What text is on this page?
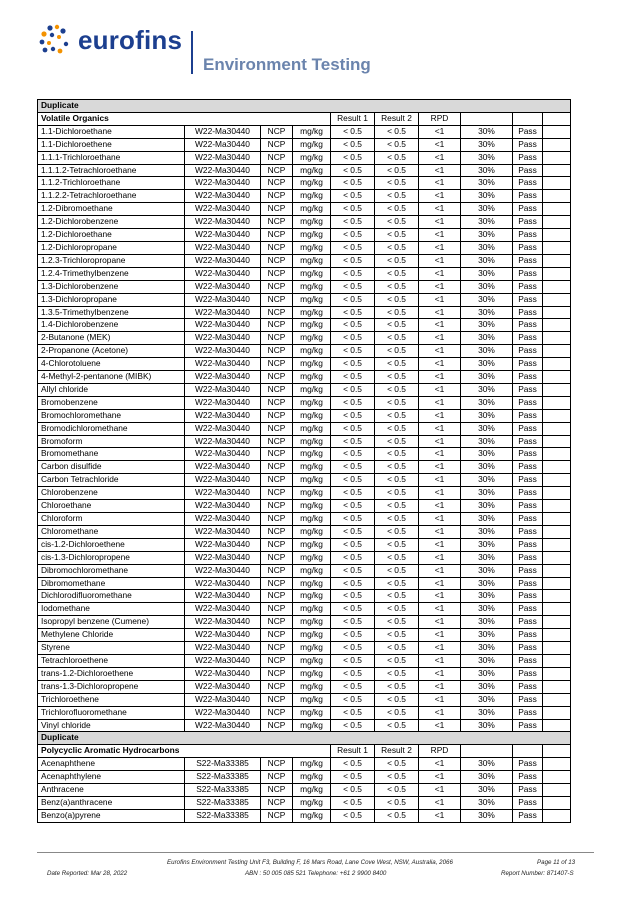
eurofins
Environment Testing
Duplicate									
Volatile Organics				Result 1	Result 2	RPD			
1.1-Dichloroethane	W22-Ma30440	NCP	mg/kg	< 0.5	< 0.5	<1	30%	Pass	
1.1-Dichloroethene	W22-Ma30440	NCP	mg/kg	< 0.5	< 0.5	<1	30%	Pass	
1.1.1-Trichloroethane	W22-Ma30440	NCP	mg/kg	< 0.5	< 0.5	<1	30%	Pass	
1.1.1.2-Tetrachloroethane	W22-Ma30440	NCP	mg/kg	< 0.5	< 0.5	<1	30%	Pass	
1.1.2-Trichloroethane	W22-Ma30440	NCP	mg/kg	< 0.5	< 0.5	<1	30%	Pass	
1.1.2.2-Tetrachloroethane	W22-Ma30440	NCP	mg/kg	< 0.5	< 0.5	<1	30%	Pass	
1.2-Dibromoethane	W22-Ma30440	NCP	mg/kg	< 0.5	< 0.5	<1	30%	Pass	
1.2-Dichlorobenzene	W22-Ma30440	NCP	mg/kg	< 0.5	< 0.5	<1	30%	Pass	
1.2-Dichloroethane	W22-Ma30440	NCP	mg/kg	< 0.5	< 0.5	<1	30%	Pass	
1.2-Dichloropropane	W22-Ma30440	NCP	mg/kg	< 0.5	< 0.5	<1	30%	Pass	
1.2.3-Trichloropropane	W22-Ma30440	NCP	mg/kg	< 0.5	< 0.5	<1	30%	Pass	
1.2.4-Trimethylbenzene	W22-Ma30440	NCP	mg/kg	< 0.5	< 0.5	<1	30%	Pass	
1.3-Dichlorobenzene	W22-Ma30440	NCP	mg/kg	< 0.5	< 0.5	<1	30%	Pass	
1.3-Dichloropropane	W22-Ma30440	NCP	mg/kg	< 0.5	< 0.5	<1	30%	Pass	
1.3.5-Trimethylbenzene	W22-Ma30440	NCP	mg/kg	< 0.5	< 0.5	<1	30%	Pass	
1.4-Dichlorobenzene	W22-Ma30440	NCP	mg/kg	< 0.5	< 0.5	<1	30%	Pass	
2-Butanone (MEK)	W22-Ma30440	NCP	mg/kg	< 0.5	< 0.5	<1	30%	Pass	
2-Propanone (Acetone)	W22-Ma30440	NCP	mg/kg	< 0.5	< 0.5	<1	30%	Pass	
4-Chlorotoluene	W22-Ma30440	NCP	mg/kg	< 0.5	< 0.5	<1	30%	Pass	
4-Methyl-2-pentanone (MIBK)	W22-Ma30440	NCP	mg/kg	< 0.5	< 0.5	<1	30%	Pass	
Allyl chloride	W22-Ma30440	NCP	mg/kg	< 0.5	< 0.5	<1	30%	Pass	
Bromobenzene	W22-Ma30440	NCP	mg/kg	< 0.5	< 0.5	<1	30%	Pass	
Bromochloromethane	W22-Ma30440	NCP	mg/kg	< 0.5	< 0.5	<1	30%	Pass	
Bromodichloromethane	W22-Ma30440	NCP	mg/kg	< 0.5	< 0.5	<1	30%	Pass	
Bromoform	W22-Ma30440	NCP	mg/kg	< 0.5	< 0.5	<1	30%	Pass	
Bromomethane	W22-Ma30440	NCP	mg/kg	< 0.5	< 0.5	<1	30%	Pass	
Carbon disulfide	W22-Ma30440	NCP	mg/kg	< 0.5	< 0.5	<1	30%	Pass	
Carbon Tetrachloride	W22-Ma30440	NCP	mg/kg	< 0.5	< 0.5	<1	30%	Pass	
Chlorobenzene	W22-Ma30440	NCP	mg/kg	< 0.5	< 0.5	<1	30%	Pass	
Chloroethane	W22-Ma30440	NCP	mg/kg	< 0.5	< 0.5	<1	30%	Pass	
Chloroform	W22-Ma30440	NCP	mg/kg	< 0.5	< 0.5	<1	30%	Pass	
Chloromethane	W22-Ma30440	NCP	mg/kg	< 0.5	< 0.5	<1	30%	Pass	
cis-1.2-Dichloroethene	W22-Ma30440	NCP	mg/kg	< 0.5	< 0.5	<1	30%	Pass	
cis-1.3-Dichloropropene	W22-Ma30440	NCP	mg/kg	< 0.5	< 0.5	<1	30%	Pass	
Dibromochloromethane	W22-Ma30440	NCP	mg/kg	< 0.5	< 0.5	<1	30%	Pass	
Dibromomethane	W22-Ma30440	NCP	mg/kg	< 0.5	< 0.5	<1	30%	Pass	
Dichlorodifluoromethane	W22-Ma30440	NCP	mg/kg	< 0.5	< 0.5	<1	30%	Pass	
Iodomethane	W22-Ma30440	NCP	mg/kg	< 0.5	< 0.5	<1	30%	Pass	
Isopropyl benzene (Cumene)	W22-Ma30440	NCP	mg/kg	< 0.5	< 0.5	<1	30%	Pass	
Methylene Chloride	W22-Ma30440	NCP	mg/kg	< 0.5	< 0.5	<1	30%	Pass	
Styrene	W22-Ma30440	NCP	mg/kg	< 0.5	< 0.5	<1	30%	Pass	
Tetrachloroethene	W22-Ma30440	NCP	mg/kg	< 0.5	< 0.5	<1	30%	Pass	
trans-1.2-Dichloroethene	W22-Ma30440	NCP	mg/kg	< 0.5	< 0.5	<1	30%	Pass	
trans-1.3-Dichloropropene	W22-Ma30440	NCP	mg/kg	< 0.5	< 0.5	<1	30%	Pass	
Trichloroethene	W22-Ma30440	NCP	mg/kg	< 0.5	< 0.5	<1	30%	Pass	
Trichlorofluoromethane	W22-Ma30440	NCP	mg/kg	< 0.5	< 0.5	<1	30%	Pass	
Vinyl chloride	W22-Ma30440	NCP	mg/kg	< 0.5	< 0.5	<1	30%	Pass	
Duplicate									
Polycyclic Aromatic Hydrocarbons				Result 1	Result 2	RPD			
Acenaphthene	S22-Ma33385	NCP	mg/kg	< 0.5	< 0.5	<1	30%	Pass	
Acenaphthylene	S22-Ma33385	NCP	mg/kg	< 0.5	< 0.5	<1	30%	Pass	
Anthracene	S22-Ma33385	NCP	mg/kg	< 0.5	< 0.5	<1	30%	Pass	
Benz(a)anthracene	S22-Ma33385	NCP	mg/kg	< 0.5	< 0.5	<1	30%	Pass	
Benzo(a)pyrene	S22-Ma33385	NCP	mg/kg	< 0.5	< 0.5	<1	30%	Pass	
Eurofins Environment Testing Unit F3, Building F, 16 Mars Road, Lane Cove West, NSW, Australia, 2066	Page 11 of 13
Date Reported: Mar 28, 2022	ABN : 50 005 085 521 Telephone: +61 2 9900 8400	Report Number: 871407-S
